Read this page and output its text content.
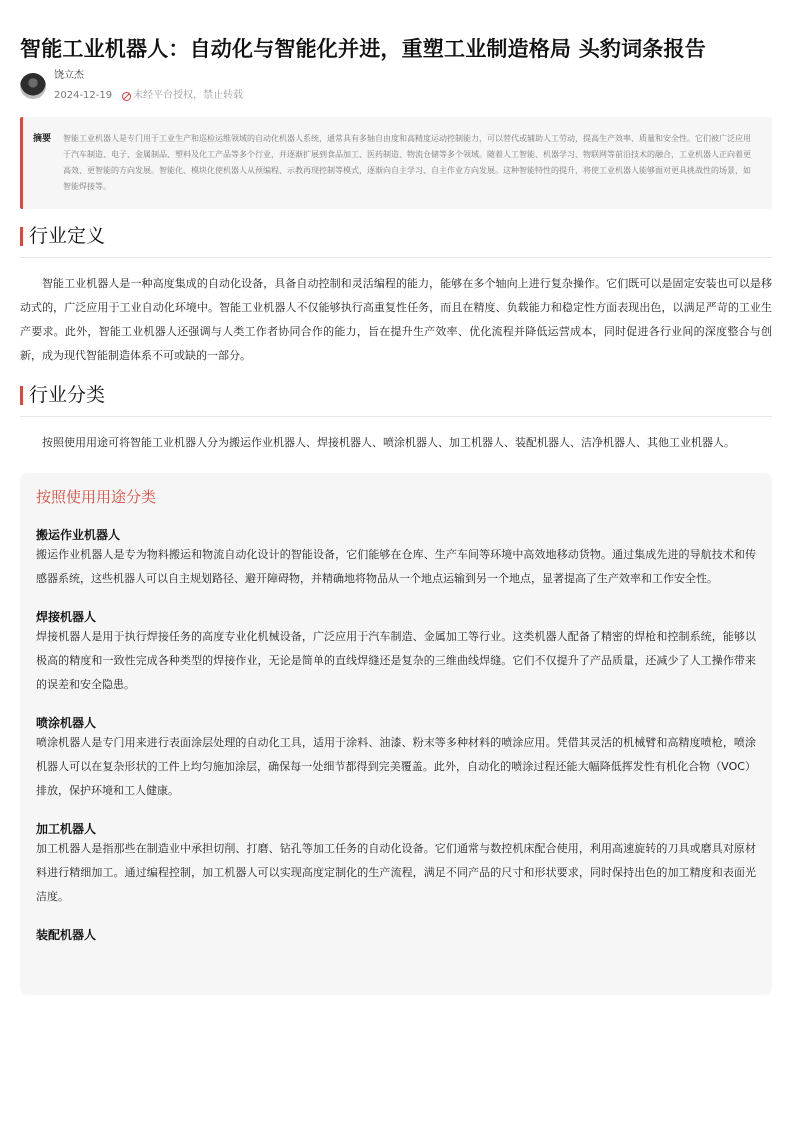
智能工业机器人：自动化与智能化并进，重塑工业制造格局 头豹词条报告
饶立杰
2024-12-19 未经平台授权，禁止转载
摘要	智能工业机器人是专门用于工业生产和巡检运维领域的自动化机器人系统，通常具有多轴自由度和高精度运动控制能力，可以替代或辅助人工劳动，提高生产效率、质量和安全性。它们被广泛应用于汽车制造、电子、金属制品、塑料及化工产品等多个行业，并逐渐扩展到食品加工、医药制造、物流仓储等多个领域。随着人工智能、机器学习、物联网等前沿技术的融合，工业机器人正向着更高效、更智能的方向发展。智能化、模块化使机器人从预编程、示教再现控制等模式，逐渐向自主学习、自主作业方向发展。这种智能特性的提升，将使工业机器人能够面对更具挑战性的场景，如智能焊接等。
行业定义

智能工业机器人是一种高度集成的自动化设备，具备自动控制和灵活编程的能力，能够在多个轴向上进行复杂操作。它们既可以是固定安装也可以是移动式的，广泛应用于工业自动化环境中。智能工业机器人不仅能够执行高重复性任务，而且在精度、负载能力和稳定性方面表现出色，以满足严苛的工业生产要求。此外，智能工业机器人还强调与人类工作者协同合作的能力，旨在提升生产效率、优化流程并降低运营成本，同时促进各行业间的深度整合与创新，成为现代智能制造体系不可或缺的一部分。

行业分类

按照使用用途可将智能工业机器人分为搬运作业机器人、焊接机器人、喷涂机器人、加工机器人、装配机器人、洁净机器人、其他工业机器人。

按照使用用途分类
搬运作业机器人
搬运作业机器人是专为物料搬运和物流自动化设计的智能设备，它们能够在仓库、生产车间等环境中高效地移动货物。通过集成先进的导航技术和传感器系统，这些机器人可以自主规划路径、避开障碍物，并精确地将物品从一个地点运输到另一个地点，显著提高了生产效率和工作安全性。
焊接机器人
焊接机器人是用于执行焊接任务的高度专业化机械设备，广泛应用于汽车制造、金属加工等行业。这类机器人配备了精密的焊枪和控制系统，能够以极高的精度和一致性完成各种类型的焊接作业，无论是简单的直线焊缝还是复杂的三维曲线焊缝。它们不仅提升了产品质量，还减少了人工操作带来的误差和安全隐患。
喷涂机器人
喷涂机器人是专门用来进行表面涂层处理的自动化工具，适用于涂料、油漆、粉末等多种材料的喷涂应用。凭借其灵活的机械臂和高精度喷枪，喷涂机器人可以在复杂形状的工件上均匀施加涂层，确保每一处细节都得到完美覆盖。此外，自动化的喷涂过程还能大幅降低挥发性有机化合物（VOC）排放，保护环境和工人健康。
加工机器人
加工机器人是指那些在制造业中承担切削、打磨、钻孔等加工任务的自动化设备。它们通常与数控机床配合使用，利用高速旋转的刀具或磨具对原材料进行精细加工。通过编程控制，加工机器人可以实现高度定制化的生产流程，满足不同产品的尺寸和形状要求，同时保持出色的加工精度和表面光洁度。
装配机器人
